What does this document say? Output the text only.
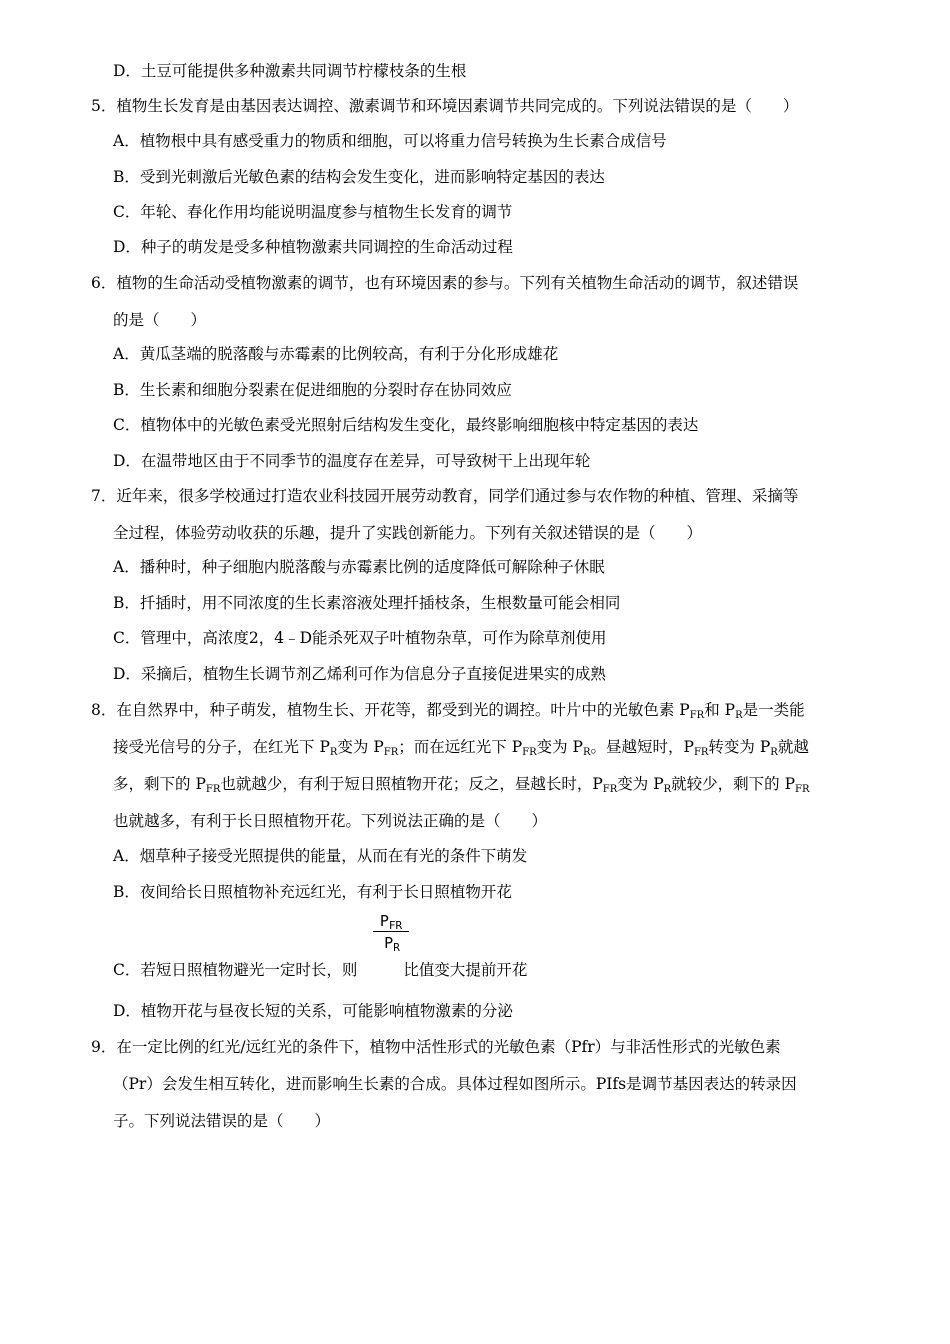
D．土豆可能提供多种激素共同调节柠檬枝条的生根
5．植物生长发育是由基因表达调控、激素调节和环境因素调节共同完成的。下列说法错误的是（　　）
A．植物根中具有感受重力的物质和细胞，可以将重力信号转换为生长素合成信号
B．受到光刺激后光敏色素的结构会发生变化，进而影响特定基因的表达
C．年轮、春化作用均能说明温度参与植物生长发育的调节
D．种子的萌发是受多种植物激素共同调控的生命活动过程
6．植物的生命活动受植物激素的调节，也有环境因素的参与。下列有关植物生命活动的调节，叙述错误
的是（　　）
A．黄瓜茎端的脱落酸与赤霉素的比例较高，有利于分化形成雄花
B．生长素和细胞分裂素在促进细胞的分裂时存在协同效应
C．植物体中的光敏色素受光照射后结构发生变化，最终影响细胞核中特定基因的表达
D．在温带地区由于不同季节的温度存在差异，可导致树干上出现年轮
7．近年来，很多学校通过打造农业科技园开展劳动教育，同学们通过参与农作物的种植、管理、采摘等
全过程，体验劳动收获的乐趣，提升了实践创新能力。下列有关叙述错误的是（　　）
A．播种时，种子细胞内脱落酸与赤霉素比例的适度降低可解除种子休眠
B．扦插时，用不同浓度的生长素溶液处理扦插枝条，生根数量可能会相同
C．管理中，高浓度2，4﹣D能杀死双子叶植物杂草，可作为除草剂使用
D．采摘后，植物生长调节剂乙烯利可作为信息分子直接促进果实的成熟
8．在自然界中，种子萌发，植物生长、开花等，都受到光的调控。叶片中的光敏色素 $P_{FR}$和 $P_R$是一类能
接受光信号的分子，在红光下 $P_R$变为 $P_{FR}$；而在远红光下 $P_{FR}$变为 $P_R$。昼越短时，$P_{FR}$转变为 $P_R$就越
多，剩下的 $P_{FR}$也就越少，有利于短日照植物开花；反之，昼越长时，$P_{FR}$变为 $P_R$就较少，剩下的 $P_{FR}$
也就越多，有利于长日照植物开花。下列说法正确的是（　　）
A．烟草种子接受光照提供的能量，从而在有光的条件下萌发
B．夜间给长日照植物补充远红光，有利于长日照植物开花
$P_{FR}$
$P_R$
C．若短日照植物避光一定时长，则	比值变大提前开花
D．植物开花与昼夜长短的关系，可能影响植物激素的分泌
9．在一定比例的红光/远红光的条件下，植物中活性形式的光敏色素（Pfr）与非活性形式的光敏色素
（Pr）会发生相互转化，进而影响生长素的合成。具体过程如图所示。PIfs是调节基因表达的转录因
子。下列说法错误的是（　　）
